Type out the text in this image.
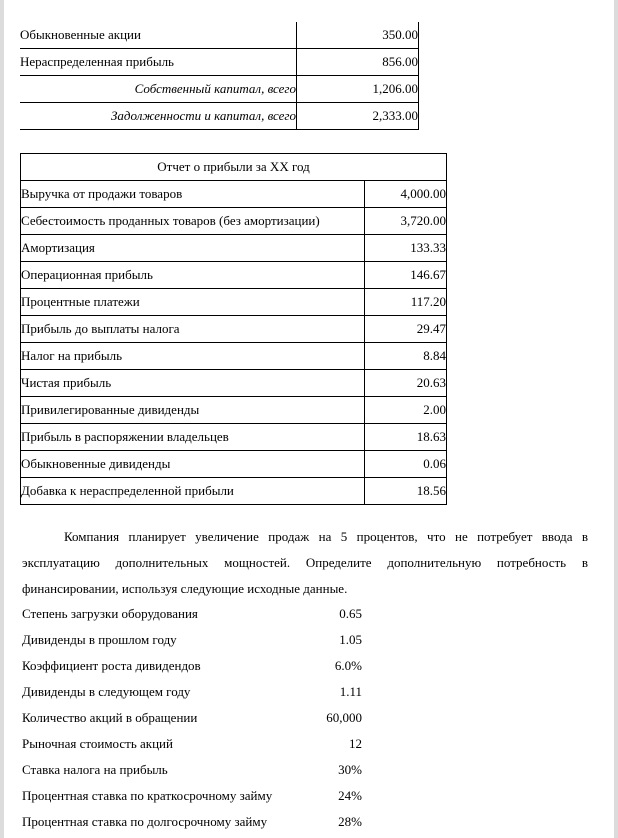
Обыкновенные акции	350.00
Нераспределенная прибыль	856.00
Собственный капитал, всего	1,206.00
Задолженности и капитал, всего	2,333.00
Отчет о прибыли за XX год	
Выручка от продажи товаров	4,000.00
Себестоимость проданных товаров (без амортизации)	3,720.00
Амортизация	133.33
Операционная прибыль	146.67
Процентные платежи	117.20
Прибыль до выплаты налога	29.47
Налог на прибыль	8.84
Чистая прибыль	20.63
Привилегированные дивиденды	2.00
Прибыль в распоряжении владельцев	18.63
Обыкновенные дивиденды	0.06
Добавка к нераспределенной прибыли	18.56

Компания планирует увеличение продаж на 5 процентов, что не потребует ввода в эксплуатацию дополнительных мощностей. Определите дополнительную потребность в финансировании, используя следующие исходные данные.

Степень загрузки оборудования	0.65
Дивиденды в прошлом году	1.05
Коэффициент роста дивидендов	6.0%
Дивиденды в следующем году	1.11
Количество акций в обращении	60,000
Рыночная стоимость акций	12
Ставка налога на прибыль	30%
Процентная ставка по краткосрочному займу	24%
Процентная ставка по долгосрочному займу	28%
